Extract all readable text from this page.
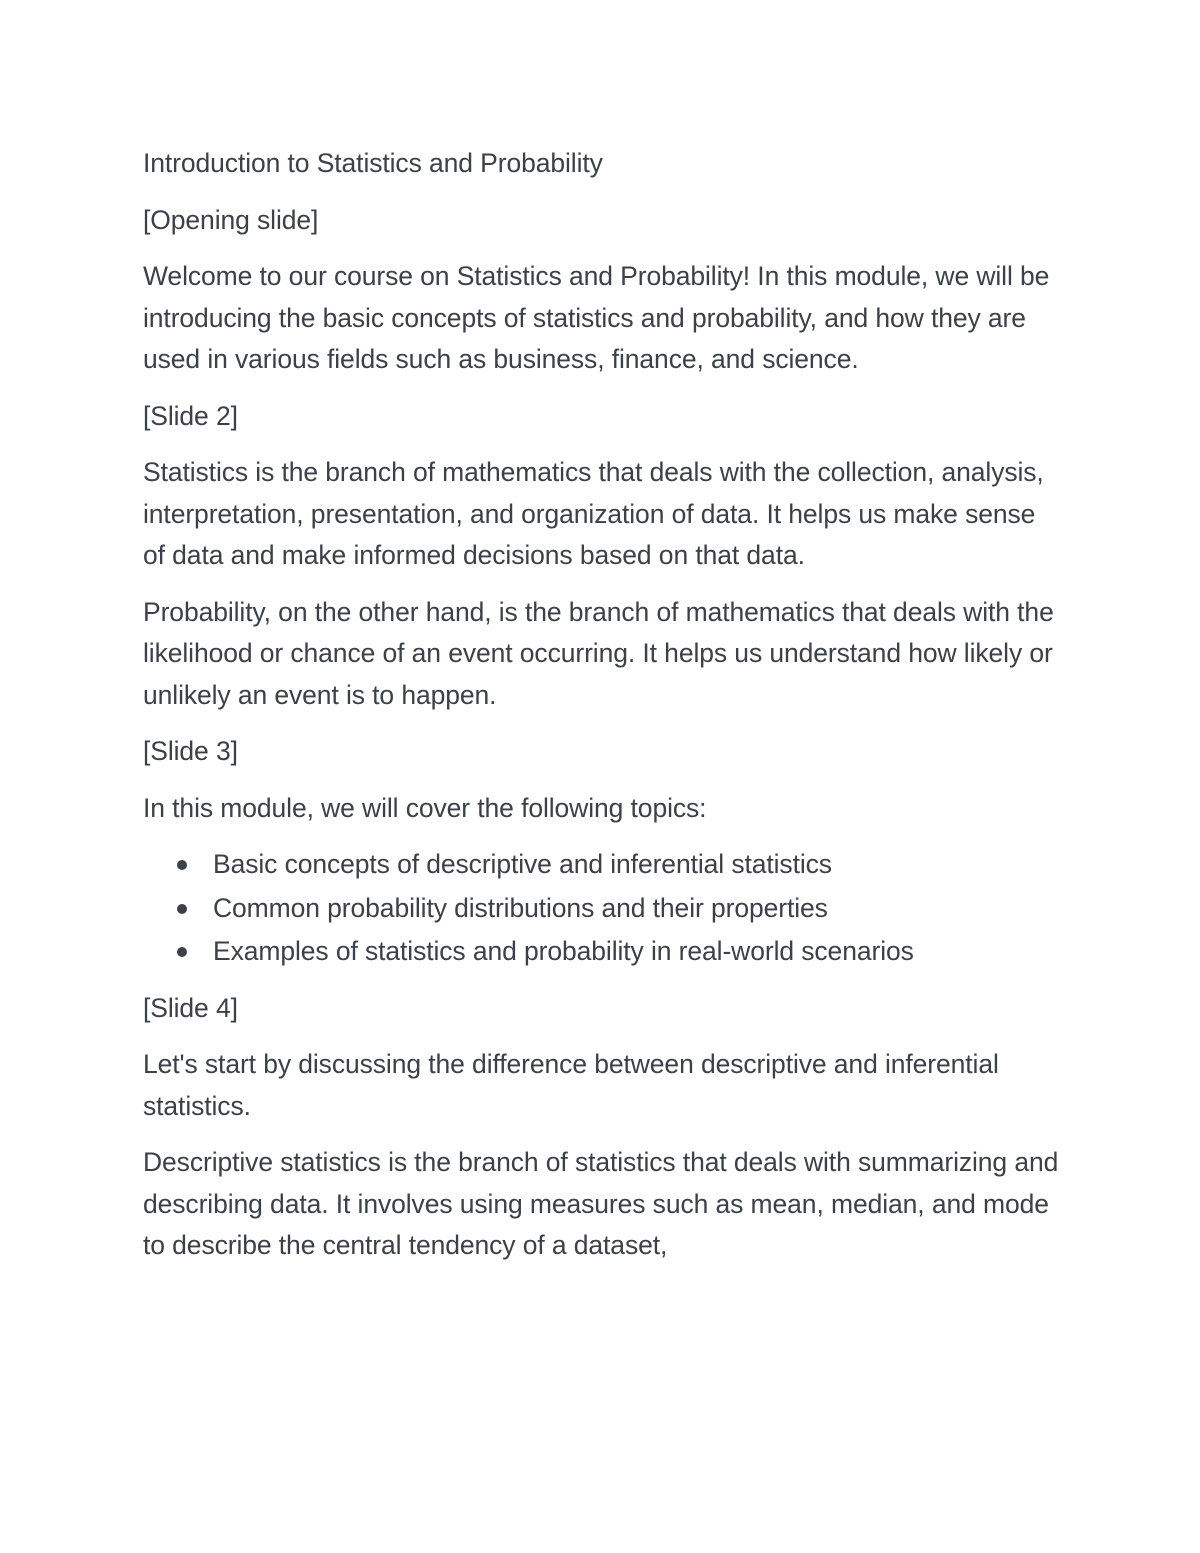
Introduction to Statistics and Probability

[Opening slide]

Welcome to our course on Statistics and Probability! In this module, we will be introducing the basic concepts of statistics and probability, and how they are used in various fields such as business, finance, and science.

[Slide 2]

Statistics is the branch of mathematics that deals with the collection, analysis, interpretation, presentation, and organization of data. It helps us make sense of data and make informed decisions based on that data.

Probability, on the other hand, is the branch of mathematics that deals with the likelihood or chance of an event occurring. It helps us understand how likely or unlikely an event is to happen.

[Slide 3]

In this module, we will cover the following topics:

Basic concepts of descriptive and inferential statistics
Common probability distributions and their properties
Examples of statistics and probability in real-world scenarios

[Slide 4]

Let's start by discussing the difference between descriptive and inferential statistics.

Descriptive statistics is the branch of statistics that deals with summarizing and describing data. It involves using measures such as mean, median, and mode to describe the central tendency of a dataset,
